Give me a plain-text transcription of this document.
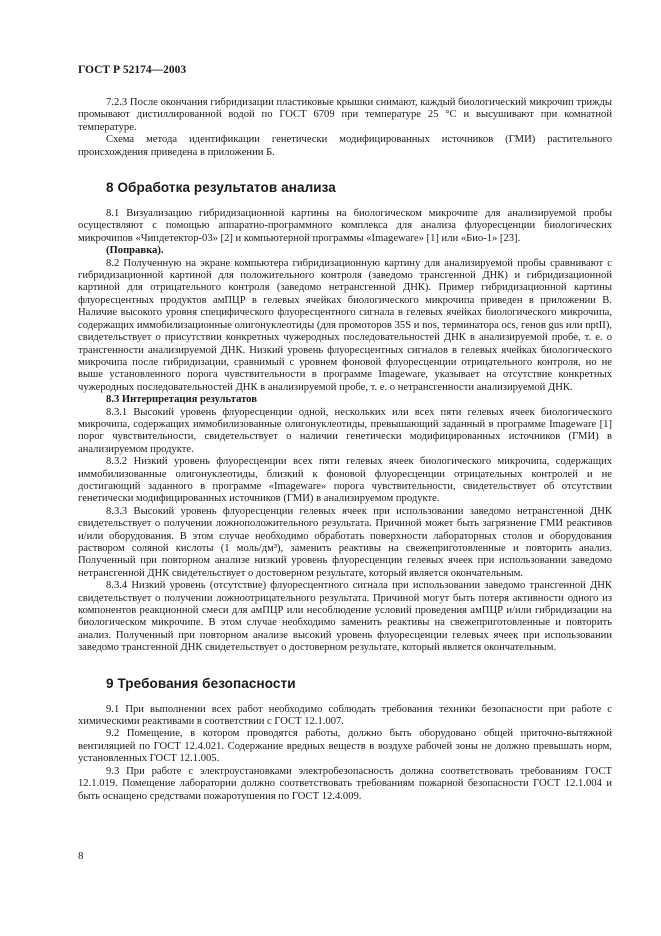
ГОСТ Р 52174—2003

7.2.3 После окончания гибридизации пластиковые крышки снимают, каждый биологический микрочип трижды промывают дистиллированной водой по ГОСТ 6709 при температуре 25 °С и высушивают при комнатной температуре.

Схема метода идентификации генетически модифицированных источников (ГМИ) растительного происхождения приведена в приложении Б.

8 Обработка результатов анализа

8.1 Визуализацию гибридизационной картины на биологическом микрочипе для анализируемой пробы осуществляют с помощью аппаратно-программного комплекса для анализа флуоресценции биологических микрочипов «Чипдетектор-03» [2] и компьютерной программы «Imageware» [1] или «Био-1» [23].

(Поправка).

8.2 Полученную на экране компьютера гибридизационную картину для анализируемой пробы сравнивают с гибридизационной картиной для положительного контроля (заведомо трансгенной ДНК) и гибридизационной картиной для отрицательного контроля (заведомо нетрансгенной ДНК). Пример гибридизационной картины флуоресцентных продуктов амПЦР в гелевых ячейках биологического микрочипа приведен в приложении В. Наличие высокого уровня специфического флуоресцентного сигнала в гелевых ячейках биологического микрочипа, содержащих иммобилизационные олигонуклеотиды (для промоторов 35S и nos, терминатора ocs, генов gus или nptII), свидетельствует о присутствии конкретных чужеродных последовательностей ДНК в анализируемой пробе, т. е. о трансгенности анализируемой ДНК. Низкий уровень флуоресцентных сигналов в гелевых ячейках биологического микрочипа после гибридизации, сравнимый с уровнем фоновой флуоресценции отрицательного контроля, но не выше установленного порога чувствительности в программе Imageware, указывает на отсутствие конкретных чужеродных последовательностей ДНК в анализируемой пробе, т. е. о нетрансгенности анализируемой ДНК.

8.3 Интерпретация результатов

8.3.1 Высокий уровень флуоресценции одной, нескольких или всех пяти гелевых ячеек биологического микрочипа, содержащих иммобилизованные олигонуклеотиды, превышающий заданный в программе Imageware [1] порог чувствительности, свидетельствует о наличии генетически модифицированных источников (ГМИ) в анализируемом продукте.

8.3.2 Низкий уровень флуоресценции всех пяти гелевых ячеек биологического микрочипа, содержащих иммобилизованные олигонуклеотиды, близкий к фоновой флуоресценции отрицательных контролей и не достигающий заданного в программе «Imageware» порога чувствительности, свидетельствует об отсутствии генетически модифицированных источников (ГМИ) в анализируемом продукте.

8.3.3 Высокий уровень флуоресценции гелевых ячеек при использовании заведомо нетрансгенной ДНК свидетельствует о получении ложноположительного результата. Причиной может быть загрязнение ГМИ реактивов и/или оборудования. В этом случае необходимо обработать поверхности лабораторных столов и оборудования раствором соляной кислоты (1 моль/дм³), заменить реактивы на свежеприготовленные и повторить анализ. Полученный при повторном анализе низкий уровень флуоресценции гелевых ячеек при использовании заведомо нетрансгенной ДНК свидетельствует о достоверном результате, который является окончательным.

8.3.4 Низкий уровень (отсутствие) флуоресцентного сигнала при использовании заведомо трансгенной ДНК свидетельствует о получении ложноотрицательного результата. Причиной могут быть потеря активности одного из компонентов реакционной смеси для амПЦР или несоблюдение условий проведения амПЦР и/или гибридизации на биологическом микрочипе. В этом случае необходимо заменить реактивы на свежеприготовленные и повторить анализ. Полученный при повторном анализе высокий уровень флуоресценции гелевых ячеек при использовании заведомо трансгенной ДНК свидетельствует о достоверном результате, который является окончательным.

9 Требования безопасности

9.1 При выполнении всех работ необходимо соблюдать требования техники безопасности при работе с химическими реактивами в соответствии с ГОСТ 12.1.007.

9.2 Помещение, в котором проводятся работы, должно быть оборудовано общей приточно-вытяжной вентиляцией по ГОСТ 12.4.021. Содержание вредных веществ в воздухе рабочей зоны не должно превышать норм, установленных ГОСТ 12.1.005.

9.3 При работе с электроустановками электробезопасность должна соответствовать требованиям ГОСТ 12.1.019. Помещение лаборатории должно соответствовать требованиям пожарной безопасности ГОСТ 12.1.004 и быть оснащено средствами пожаротушения по ГОСТ 12.4.009.

8
